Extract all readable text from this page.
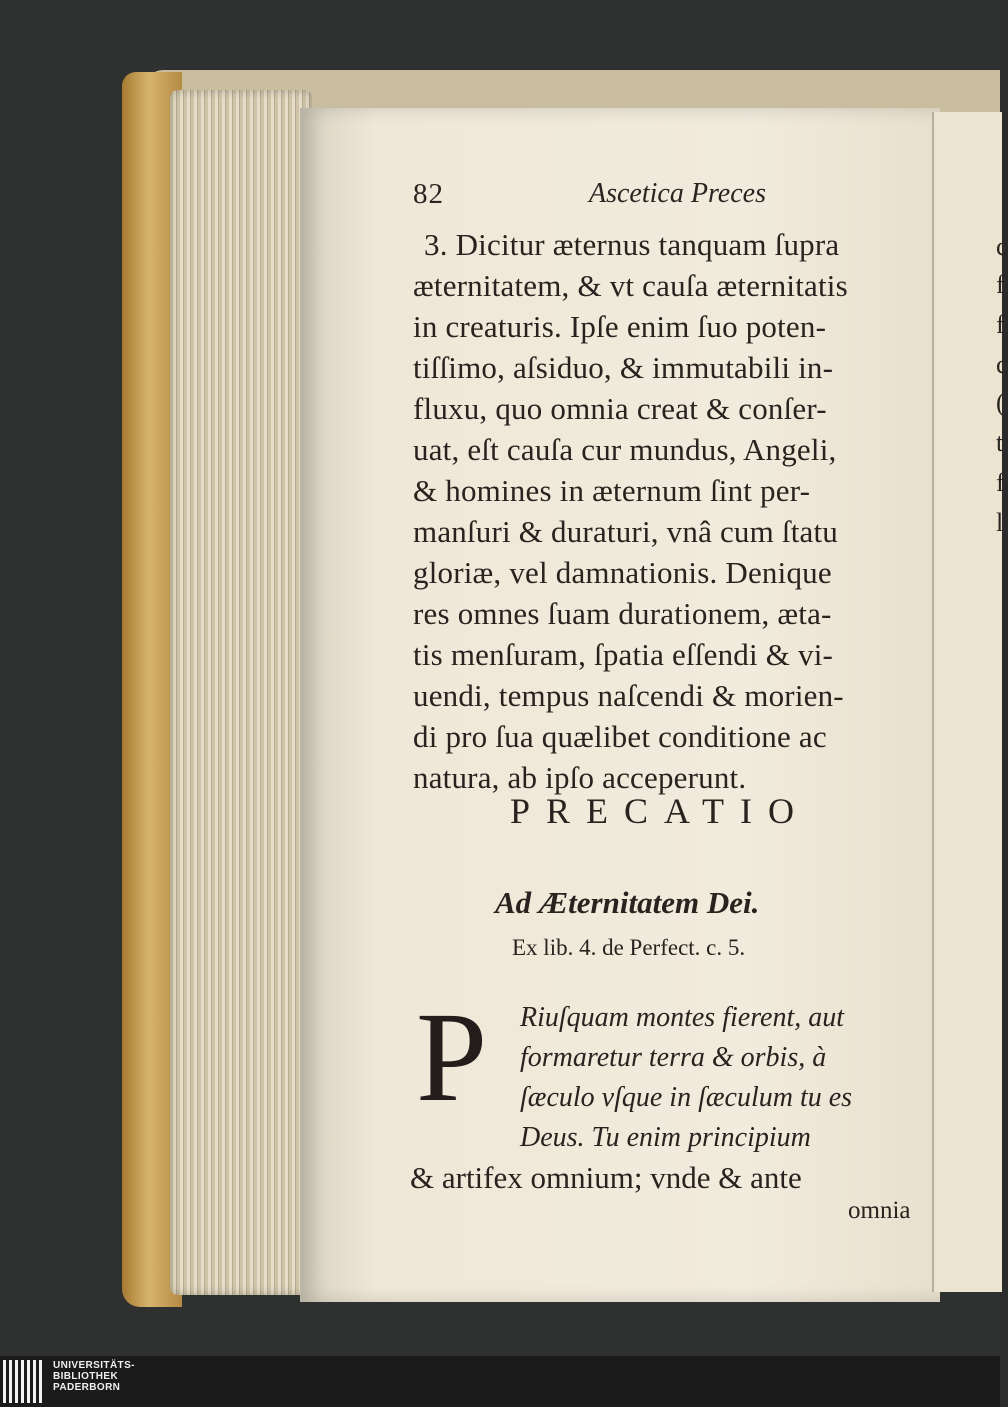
c
f
f
c
(
t
f
l
82	Ascetica Preces
3. Dicitur æternus tanquam ſupra
æternitatem, & vt cauſa æternitatis
in creaturis. Ipſe enim ſuo poten-
tiſſimo, aſsiduo, & immutabili in-
fluxu, quo omnia creat & conſer-
uat, eſt cauſa cur mundus, Angeli,
& homines in æternum ſint per-
manſuri & duraturi, vnâ cum ſtatu
gloriæ, vel damnationis. Denique
res omnes ſuam durationem, æta-
tis menſuram, ſpatia eſſendi & vi-
uendi, tempus naſcendi & morien-
di pro ſua quælibet conditione ac
natura, ab ipſo acceperunt.
PRECATIO
Ad Æternitatem Dei.
Ex lib. 4. de Perfect. c. 5.
P	Riuſquam montes fierent, aut
formaretur terra & orbis, à
ſæculo vſque in ſæculum tu es
Deus. Tu enim principium
& artifex omnium; vnde & ante
omnia
UNIVERSITÄTS-
BIBLIOTHEK
PADERBORN
